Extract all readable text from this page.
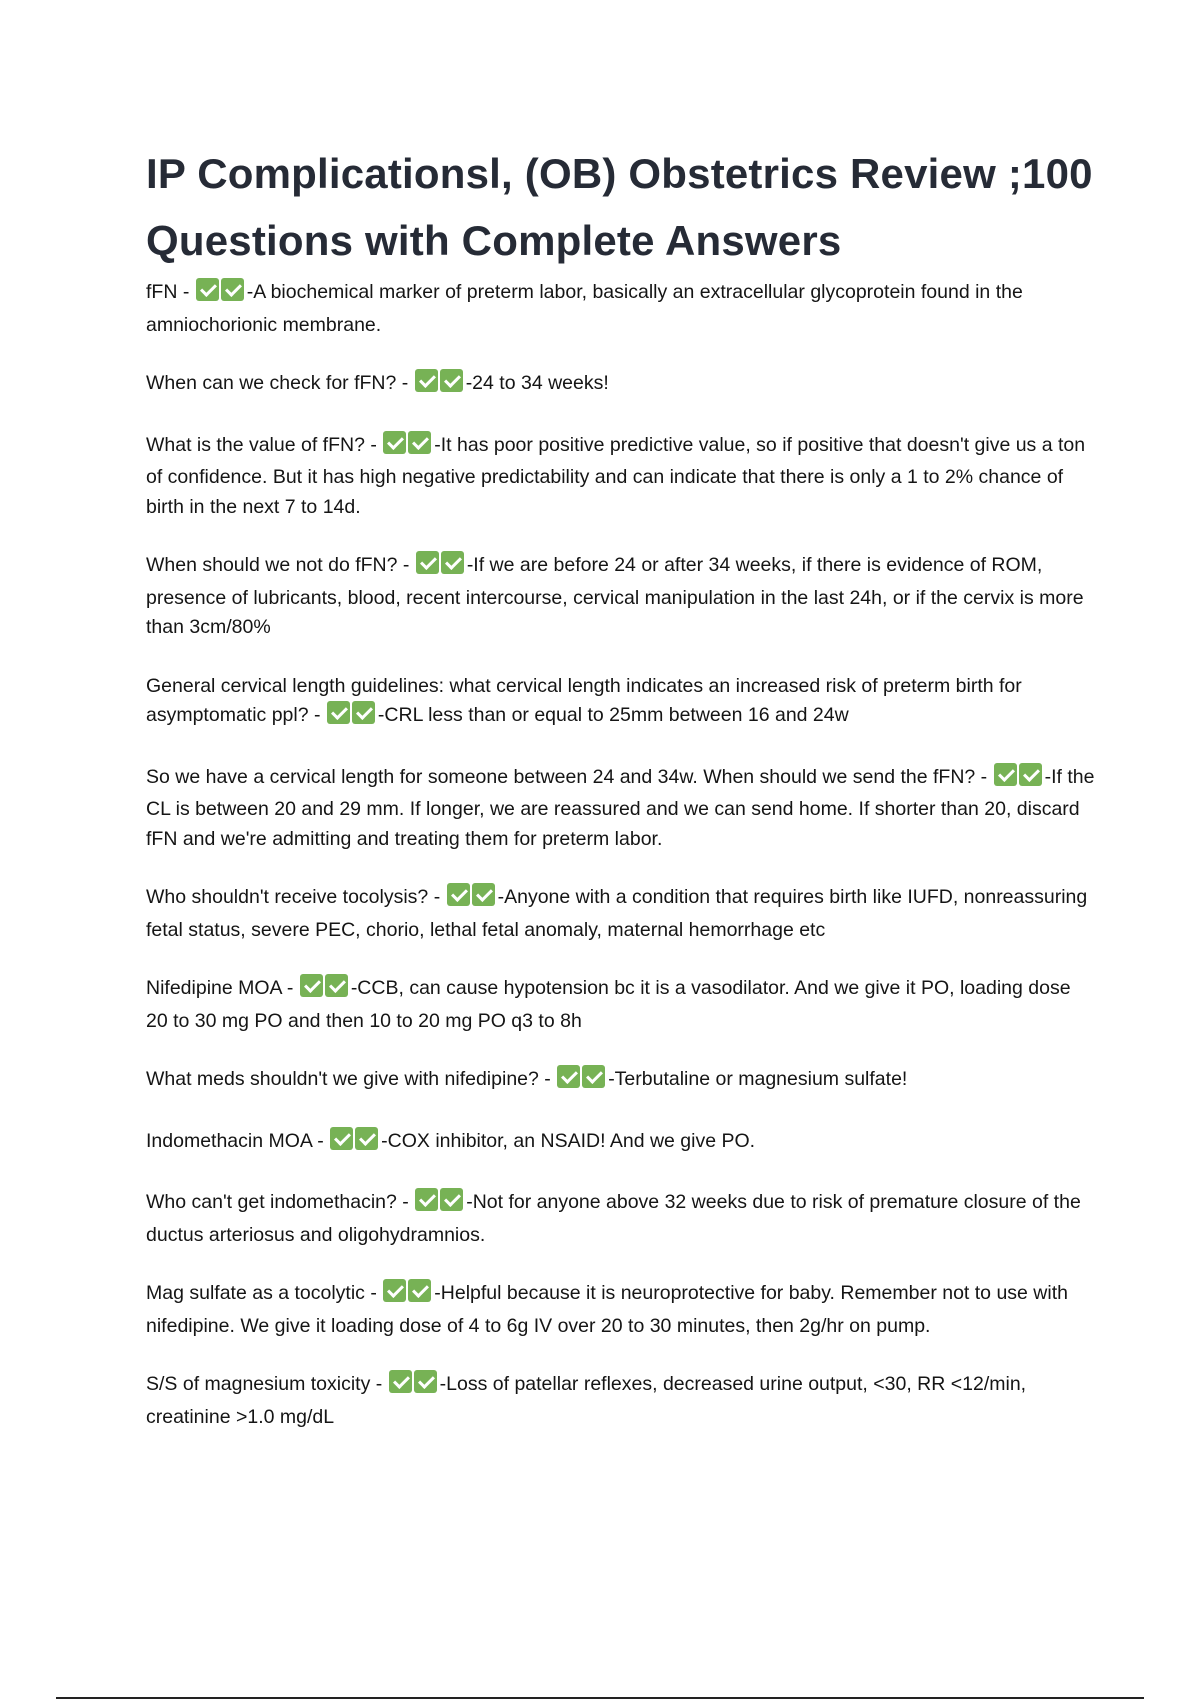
IP Complicationsl, (OB) Obstetrics Review ;100 Questions with Complete Answers

fFN -	-A biochemical marker of preterm labor, basically an extracellular glycoprotein found in the amniochorionic membrane.

When can we check for fFN? -	-24 to 34 weeks!

What is the value of fFN? -	-It has poor positive predictive value, so if positive that doesn't give us a ton of confidence. But it has high negative predictability and can indicate that there is only a 1 to 2% chance of birth in the next 7 to 14d.

When should we not do fFN? -	-If we are before 24 or after 34 weeks, if there is evidence of ROM, presence of lubricants, blood, recent intercourse, cervical manipulation in the last 24h, or if the cervix is more than 3cm/80%

General cervical length guidelines: what cervical length indicates an increased risk of preterm birth for asymptomatic ppl? -	-CRL less than or equal to 25mm between 16 and 24w

So we have a cervical length for someone between 24 and 34w. When should we send the fFN? -	-If the CL is between 20 and 29 mm. If longer, we are reassured and we can send home. If shorter than 20, discard fFN and we're admitting and treating them for preterm labor.

Who shouldn't receive tocolysis? -	-Anyone with a condition that requires birth like IUFD, nonreassuring fetal status, severe PEC, chorio, lethal fetal anomaly, maternal hemorrhage etc

Nifedipine MOA -	-CCB, can cause hypotension bc it is a vasodilator. And we give it PO, loading dose 20 to 30 mg PO and then 10 to 20 mg PO q3 to 8h

What meds shouldn't we give with nifedipine? -	-Terbutaline or magnesium sulfate!

Indomethacin MOA -	-COX inhibitor, an NSAID! And we give PO.

Who can't get indomethacin? -	-Not for anyone above 32 weeks due to risk of premature closure of the ductus arteriosus and oligohydramnios.

Mag sulfate as a tocolytic -	-Helpful because it is neuroprotective for baby. Remember not to use with nifedipine. We give it loading dose of 4 to 6g IV over 20 to 30 minutes, then 2g/hr on pump.

S/S of magnesium toxicity -	-Loss of patellar reflexes, decreased urine output, <30, RR <12/min, creatinine >1.0 mg/dL
